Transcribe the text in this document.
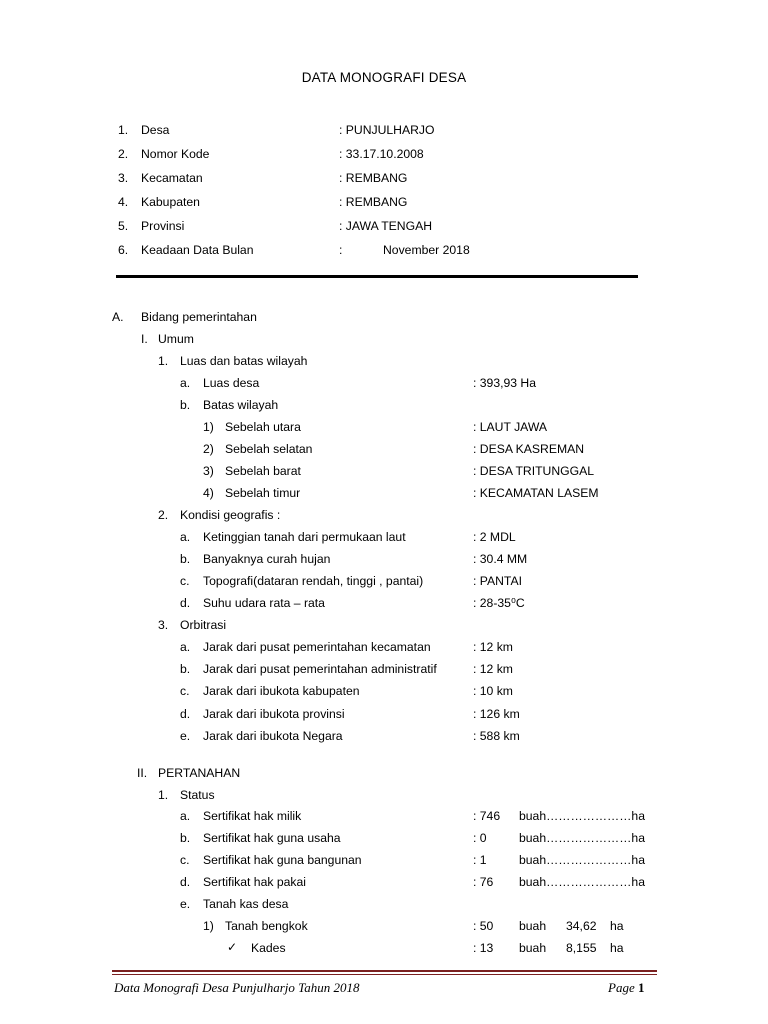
DATA MONOGRAFI DESA
1. Desa	: PUNJULHARJO
2. Nomor Kode	: 33.17.10.2008
3. Kecamatan	: REMBANG
4. Kabupaten	: REMBANG
5. Provinsi	: JAWA TENGAH
6. Keadaan Data Bulan	:	November 2018
A. Bidang pemerintahan
I. Umum
1. Luas dan batas wilayah
a. Luas desa	: 393,93 Ha
b. Batas wilayah
1) Sebelah utara	: LAUT JAWA
2) Sebelah selatan	: DESA KASREMAN
3) Sebelah barat	: DESA TRITUNGGAL
4) Sebelah timur	: KECAMATAN LASEM
2. Kondisi geografis :
a. Ketinggian tanah dari permukaan laut	: 2 MDL
b. Banyaknya curah hujan	: 30.4 MM
c. Topografi(dataran rendah, tinggi , pantai)	: PANTAI
d. Suhu udara rata – rata	: 28-35⁰C
3. Orbitrasi
a. Jarak dari pusat pemerintahan kecamatan	: 12 km
b. Jarak dari pusat pemerintahan administratif	: 12 km
c. Jarak dari ibukota kabupaten	: 10 km
d. Jarak dari ibukota provinsi	: 126 km
e. Jarak dari ibukota Negara	: 588 km
II. PERTANAHAN
1. Status
a. Sertifikat hak milik	: 746 buah…………………ha
b. Sertifikat hak guna usaha	: 0	buah…………………ha
c. Sertifikat hak guna bangunan	: 1	buah…………………ha
d. Sertifikat hak pakai	: 76 buah…………………ha
e. Tanah kas desa
1) Tanah bengkok	: 50 buah 34,62 ha
✓ Kades	: 13 buah 8,155 ha
Data Monografi Desa Punjulharjo Tahun 2018	Page 1
